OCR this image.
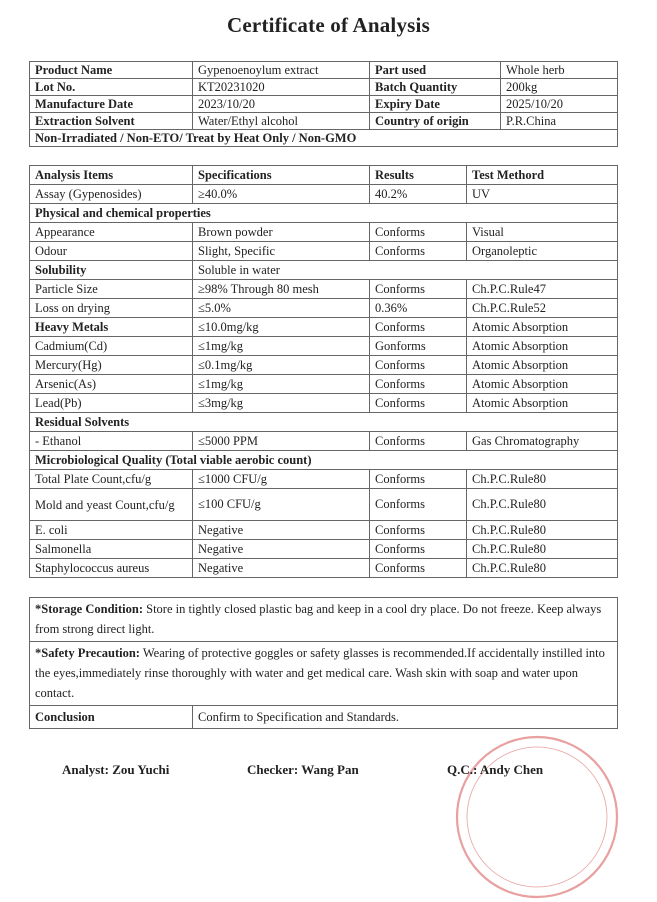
Certificate of Analysis
Product Name	Gypenoenoylum extract	Part used	Whole herb
Lot No.	KT20231020	Batch Quantity	200kg
Manufacture Date	2023/10/20	Expiry Date	2025/10/20
Extraction Solvent	Water/Ethyl alcohol	Country of origin	P.R.China
Non-Irradiated / Non-ETO/ Treat by Heat Only / Non-GMO			
Analysis Items	Specifications	Results	Test Methord
Assay (Gypenosides)	≥40.0%	40.2%	UV
Physical and chemical properties			
Appearance	Brown powder	Conforms	Visual
Odour	Slight, Specific	Conforms	Organoleptic
Solubility	Soluble in water		
Particle Size	≥98% Through 80 mesh	Conforms	Ch.P.C.Rule47
Loss on drying	≤5.0%	0.36%	Ch.P.C.Rule52
Heavy Metals	≤10.0mg/kg	Conforms	Atomic Absorption
Cadmium(Cd)	≤1mg/kg	Gonforms	Atomic Absorption
Mercury(Hg)	≤0.1mg/kg	Conforms	Atomic Absorption
Arsenic(As)	≤1mg/kg	Conforms	Atomic Absorption
Lead(Pb)	≤3mg/kg	Conforms	Atomic Absorption
Residual Solvents			
- Ethanol	≤5000 PPM	Conforms	Gas Chromatography
Microbiological Quality (Total viable aerobic count)			
Total Plate Count,cfu/g	≤1000 CFU/g	Conforms	Ch.P.C.Rule80
Mold and yeast Count,cfu/g	≤100 CFU/g	Conforms	Ch.P.C.Rule80
E. coli	Negative	Conforms	Ch.P.C.Rule80
Salmonella	Negative	Conforms	Ch.P.C.Rule80
Staphylococcus aureus	Negative	Conforms	Ch.P.C.Rule80
*Storage Condition: Store in tightly closed plastic bag and keep in a cool dry place. Do not freeze. Keep always from strong direct light.
*Safety Precaution: Wearing of protective goggles or safety glasses is recommended.If accidentally instilled into the eyes,immediately rinse thoroughly with water and get medical care. Wash skin with soap and water upon contact.
Conclusion	Confirm to Specification and Standards.
Analyst: Zou Yuchi	Checker: Wang Pan	Q.C.: Andy Chen
